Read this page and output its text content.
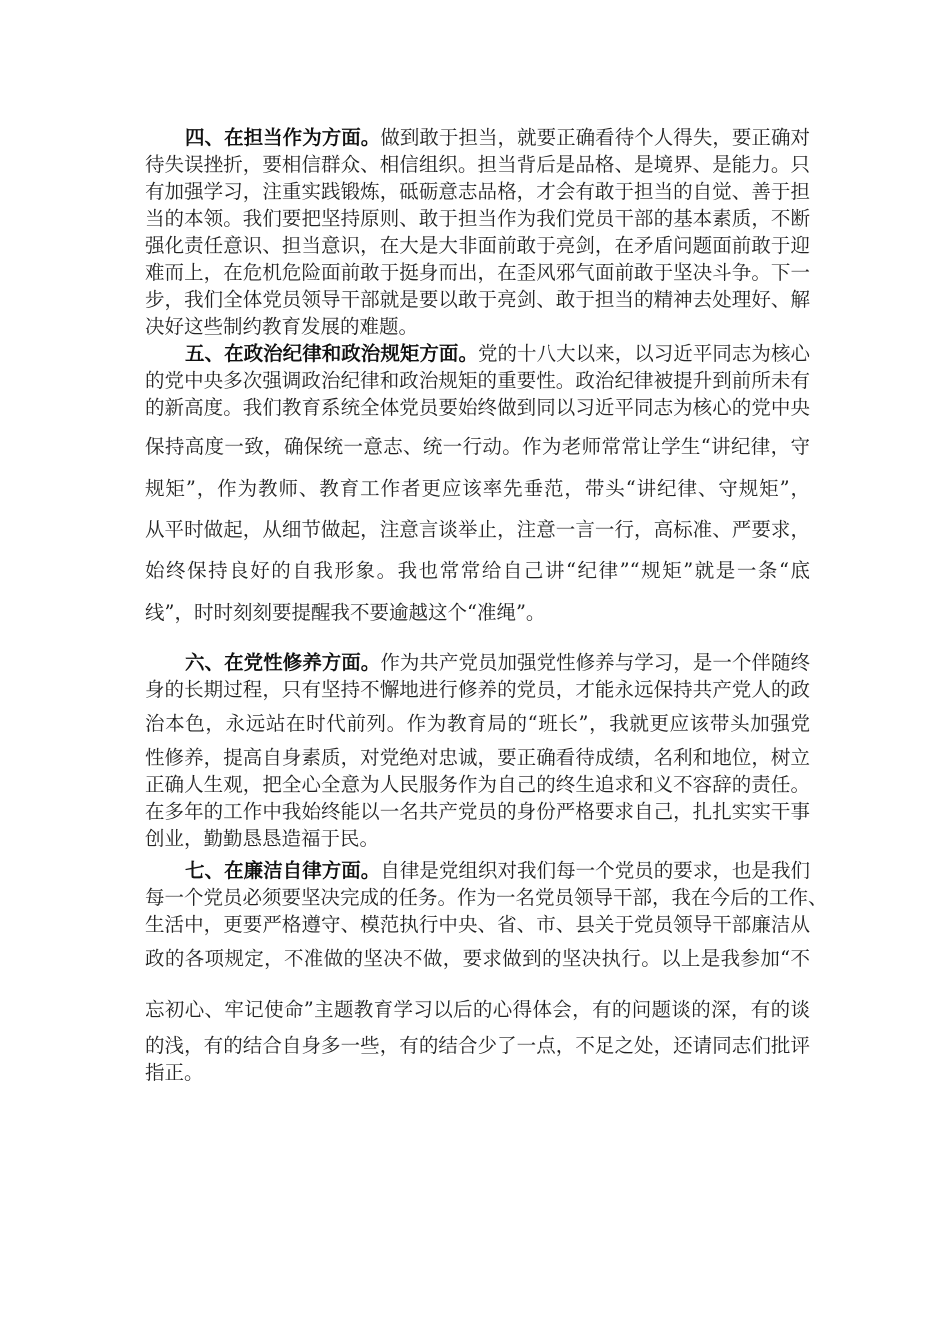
四、在担当作为方面。做到敢于担当，就要正确看待个人得失，要正确对
待失误挫折，要相信群众、相信组织。担当背后是品格、是境界、是能力。只
有加强学习，注重实践锻炼，砥砺意志品格，才会有敢于担当的自觉、善于担
当的本领。我们要把坚持原则、敢于担当作为我们党员干部的基本素质，不断
强化责任意识、担当意识，在大是大非面前敢于亮剑，在矛盾问题面前敢于迎
难而上，在危机危险面前敢于挺身而出，在歪风邪气面前敢于坚决斗争。下一
步，我们全体党员领导干部就是要以敢于亮剑、敢于担当的精神去处理好、解
决好这些制约教育发展的难题。
五、在政治纪律和政治规矩方面。党的十八大以来，以习近平同志为核心
的党中央多次强调政治纪律和政治规矩的重要性。政治纪律被提升到前所未有
的新高度。我们教育系统全体党员要始终做到同以习近平同志为核心的党中央
保持高度一致，确保统一意志、统一行动。作为老师常常让学生“讲纪律，守
规矩”，作为教师、教育工作者更应该率先垂范，带头“讲纪律、守规矩”，
从平时做起，从细节做起，注意言谈举止，注意一言一行，高标准、严要求，
始终保持良好的自我形象。我也常常给自己讲“纪律”“规矩”就是一条“底
线”，时时刻刻要提醒我不要逾越这个“准绳”。
六、在党性修养方面。作为共产党员加强党性修养与学习，是一个伴随终
身的长期过程，只有坚持不懈地进行修养的党员，才能永远保持共产党人的政
治本色，永远站在时代前列。作为教育局的“班长”，我就更应该带头加强党
性修养，提高自身素质，对党绝对忠诚，要正确看待成绩，名利和地位，树立
正确人生观，把全心全意为人民服务作为自己的终生追求和义不容辞的责任。
在多年的工作中我始终能以一名共产党员的身份严格要求自己，扎扎实实干事
创业，勤勤恳恳造福于民。
七、在廉洁自律方面。自律是党组织对我们每一个党员的要求，也是我们
每一个党员必须要坚决完成的任务。作为一名党员领导干部，我在今后的工作、
生活中，更要严格遵守、模范执行中央、省、市、县关于党员领导干部廉洁从
政的各项规定，不准做的坚决不做，要求做到的坚决执行。以上是我参加“不
忘初心、牢记使命”主题教育学习以后的心得体会，有的问题谈的深，有的谈
的浅，有的结合自身多一些，有的结合少了一点，不足之处，还请同志们批评
指正。
